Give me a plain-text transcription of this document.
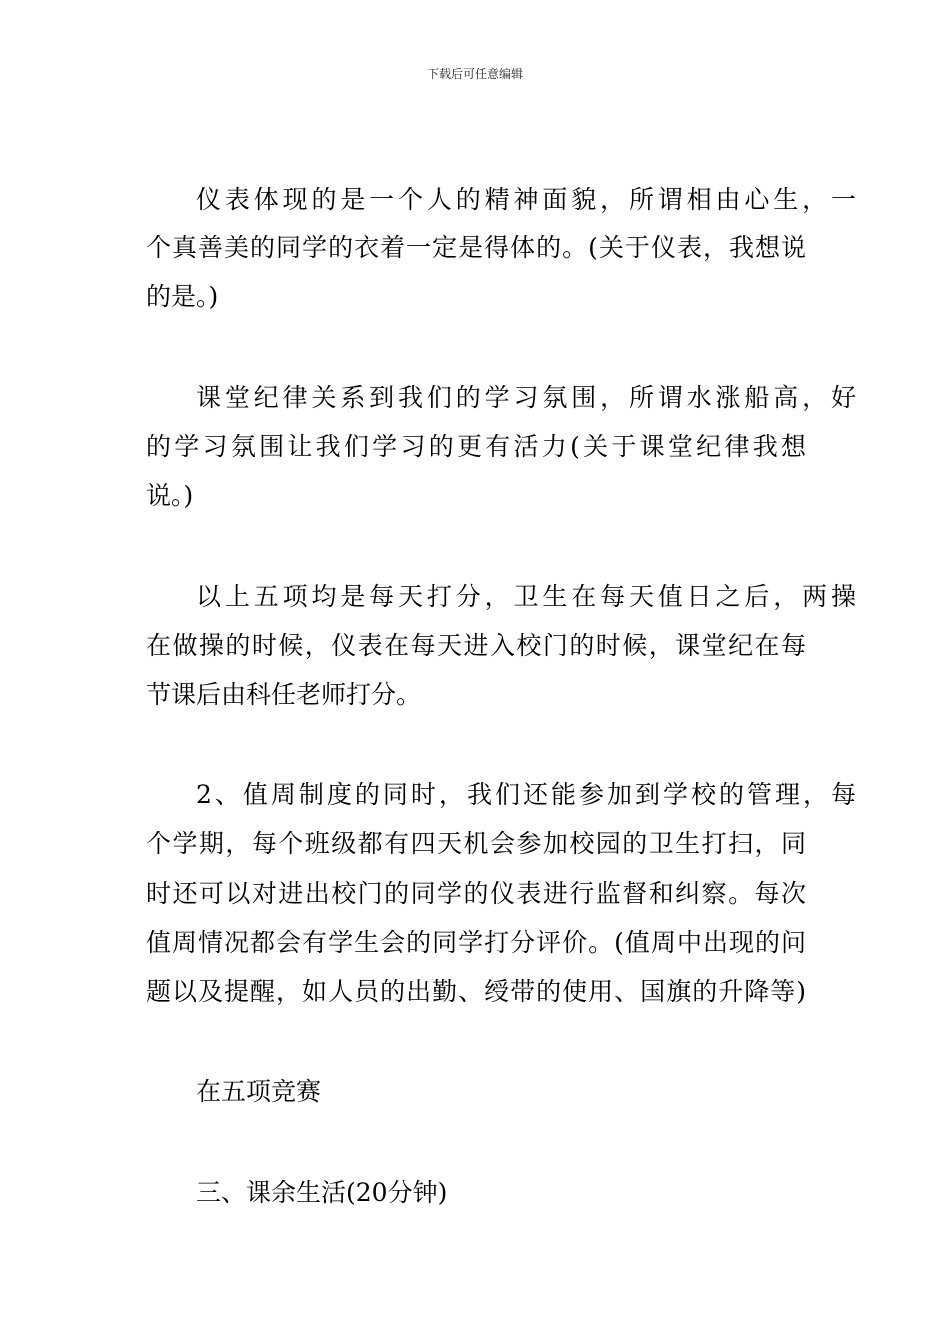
下载后可任意编辑
仪表体现的是一个人的精神面貌，所谓相由心生，一
个真善美的同学的衣着一定是得体的。(关于仪表，我想说
的是。)
课堂纪律关系到我们的学习氛围，所谓水涨船高，好
的学习氛围让我们学习的更有活力(关于课堂纪律我想
说。)
以上五项均是每天打分，卫生在每天值日之后，两操
在做操的时候，仪表在每天进入校门的时候，课堂纪在每
节课后由科任老师打分。
2、值周制度的同时，我们还能参加到学校的管理，每
个学期，每个班级都有四天机会参加校园的卫生打扫，同
时还可以对进出校门的同学的仪表进行监督和纠察。每次
值周情况都会有学生会的同学打分评价。(值周中出现的问
题以及提醒，如人员的出勤、绶带的使用、国旗的升降等)
在五项竞赛
三、课余生活(20分钟)
